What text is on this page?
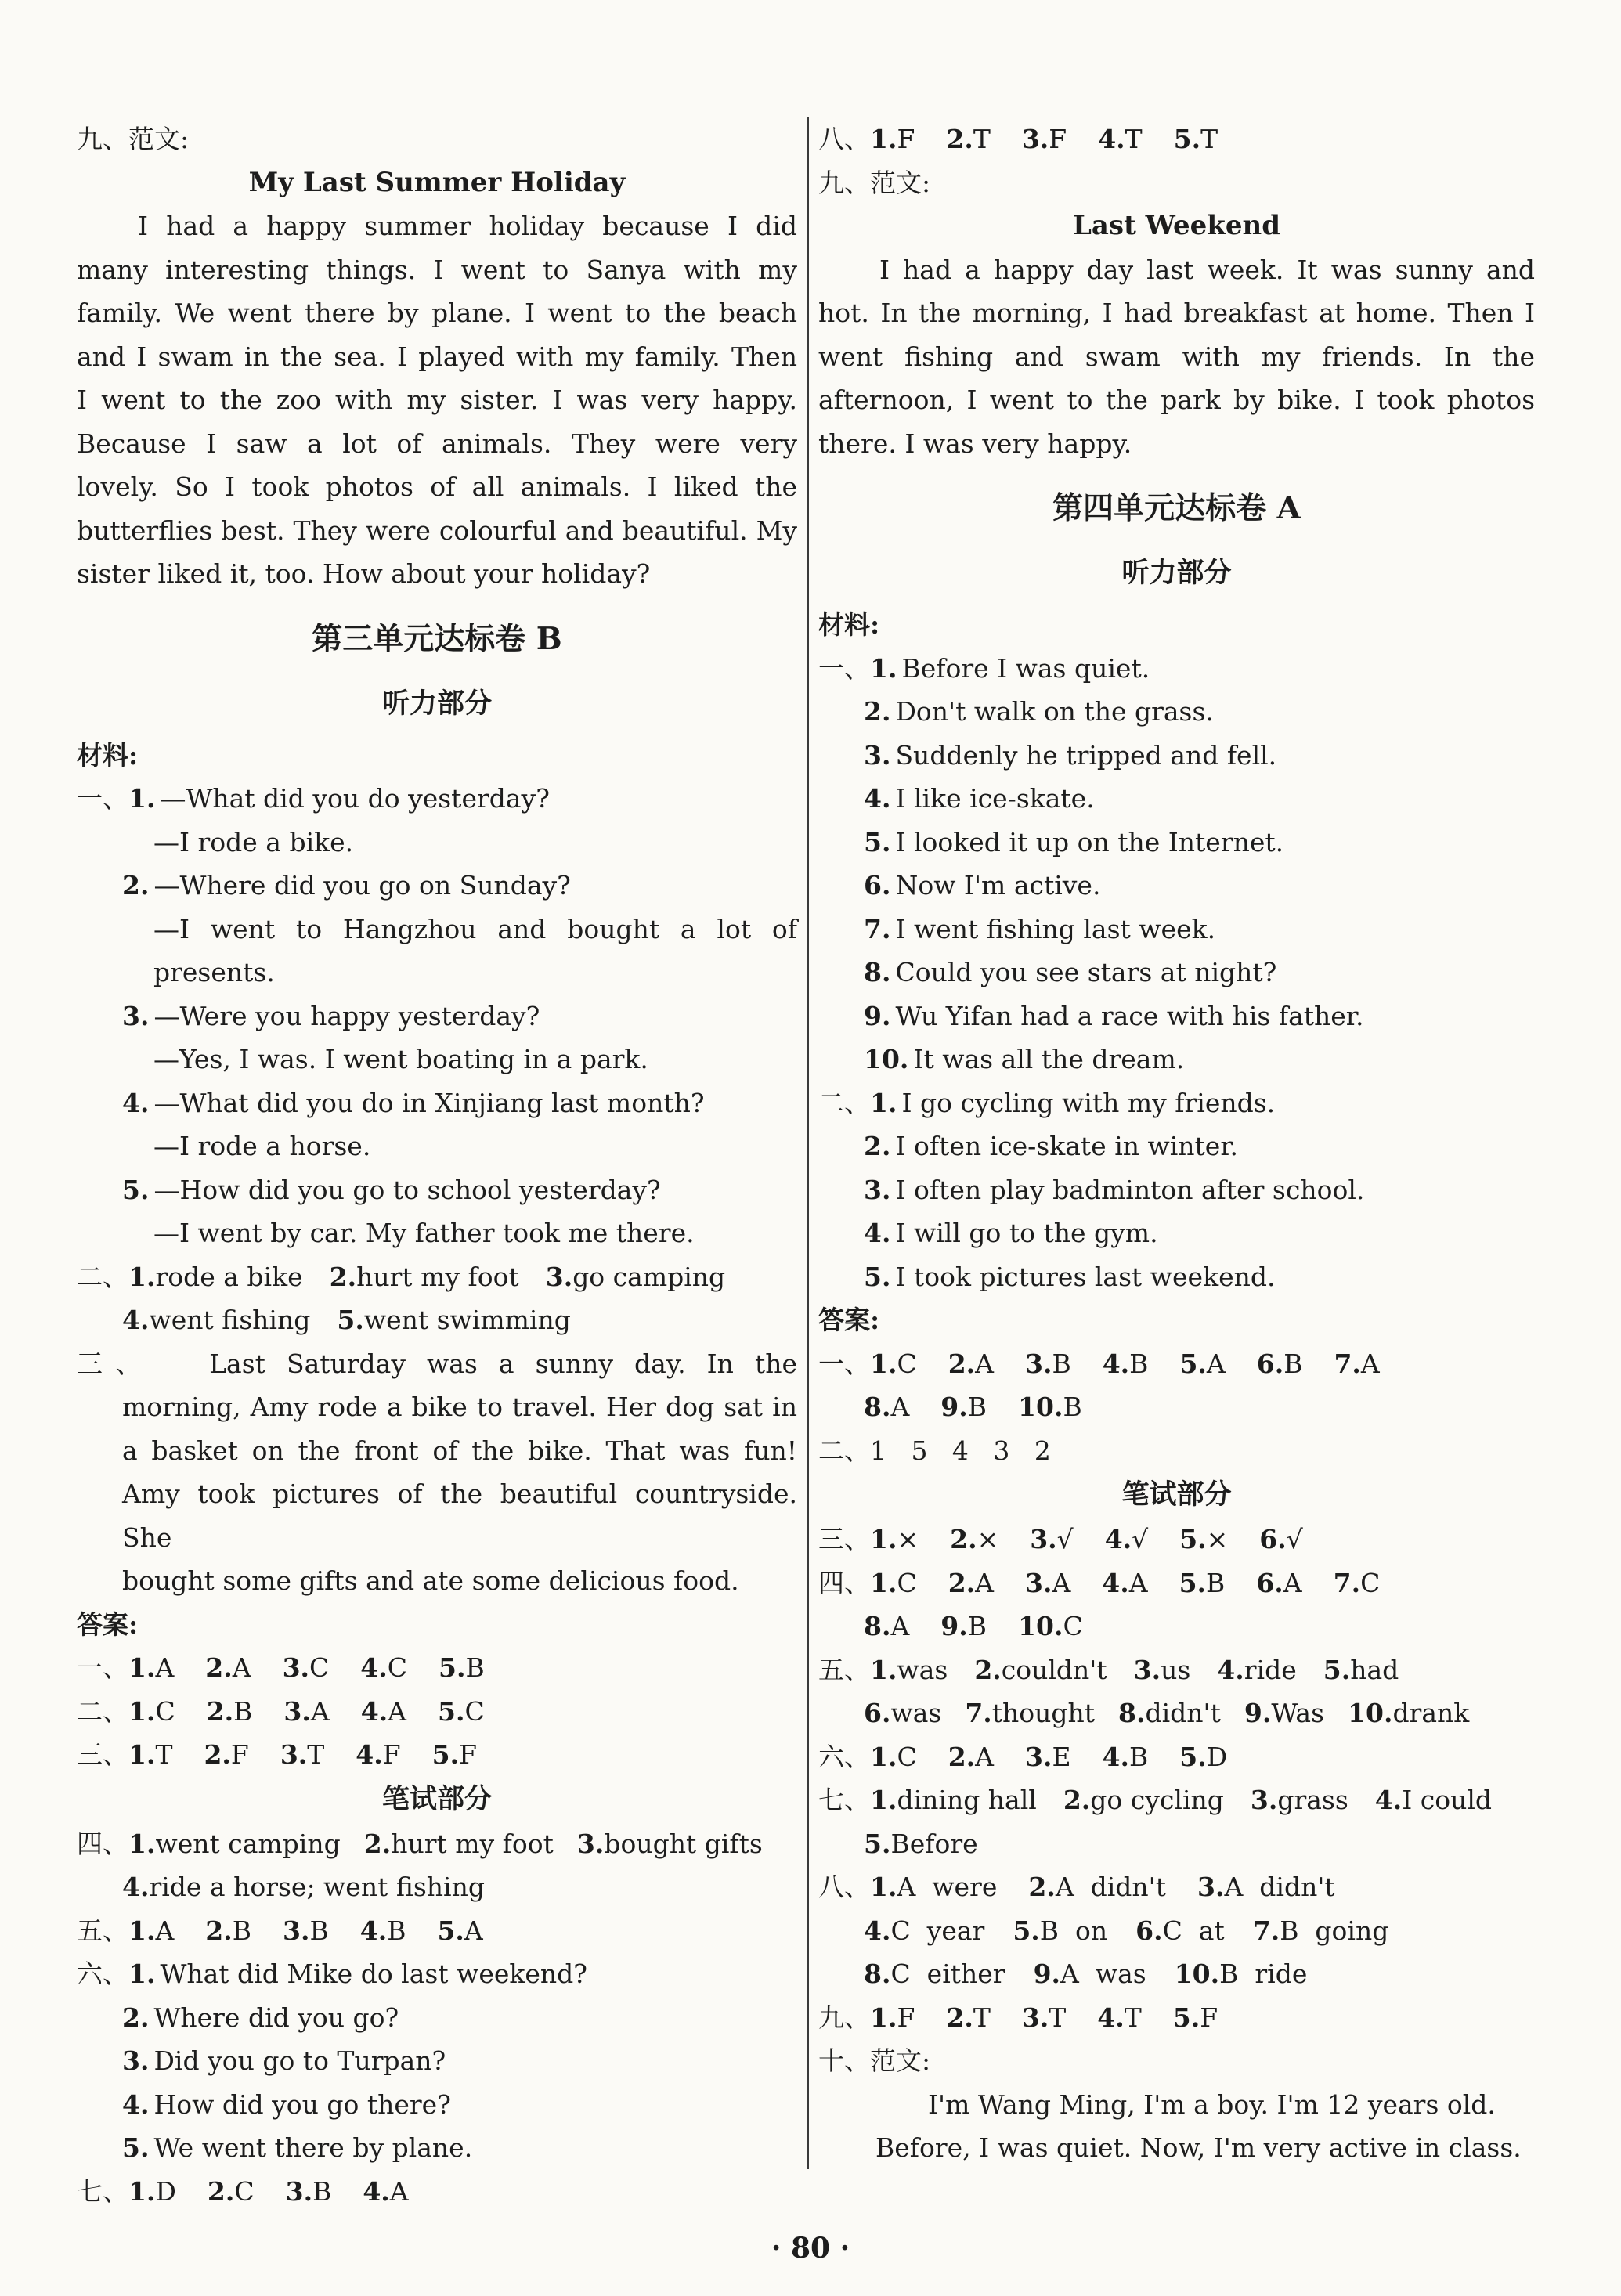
九、范文:
My Last Summer Holiday
I had a happy summer holiday because I did
many interesting things. I went to Sanya with my
family. We went there by plane. I went to the beach
and I swam in the sea. I played with my family. Then
I went to the zoo with my sister. I was very happy.
Because I saw a lot of animals. They were very
lovely. So I took photos of all animals. I liked the
butterflies best. They were colourful and beautiful. My
sister liked it, too. How about your holiday?
第三单元达标卷 B
听力部分
材料:
一、1. —What did you do yesterday?
—I rode a bike.
2. —Where did you go on Sunday?
—I went to Hangzhou and bought a lot of
presents.
3. —Were you happy yesterday?
—Yes, I was. I went boating in a park.
4. —What did you do in Xinjiang last month?
—I rode a horse.
5. —How did you go to school yesterday?
—I went by car. My father took me there.
二、1.rode a bike 2.hurt my foot 3.go camping
4.went fishing 5.went swimming
三、 Last Saturday was a sunny day. In the
morning, Amy rode a bike to travel. Her dog sat in
a basket on the front of the bike. That was fun!
Amy took pictures of the beautiful countryside. She
bought some gifts and ate some delicious food.
答案:
一、1.A 2.A 3.C 4.C 5.B
二、1.C 2.B 3.A 4.A 5.C
三、1.T 2.F 3.T 4.F 5.F
笔试部分
四、1.went camping 2.hurt my foot 3.bought gifts
4.ride a horse; went fishing
五、1.A 2.B 3.B 4.B 5.A
六、1. What did Mike do last weekend?
2. Where did you go?
3. Did you go to Turpan?
4. How did you go there?
5. We went there by plane.
七、1.D 2.C 3.B 4.A
八、1.F 2.T 3.F 4.T 5.T
九、范文:
Last Weekend
I had a happy day last week. It was sunny and
hot. In the morning, I had breakfast at home. Then I
went fishing and swam with my friends. In the
afternoon, I went to the park by bike. I took photos
there. I was very happy.
第四单元达标卷 A
听力部分
材料:
一、1. Before I was quiet.
2. Don't walk on the grass.
3. Suddenly he tripped and fell.
4. I like ice-skate.
5. I looked it up on the Internet.
6. Now I'm active.
7. I went fishing last week.
8. Could you see stars at night?
9. Wu Yifan had a race with his father.
10. It was all the dream.
二、1. I go cycling with my friends.
2. I often ice-skate in winter.
3. I often play badminton after school.
4. I will go to the gym.
5. I took pictures last weekend.
答案:
一、1.C 2.A 3.B 4.B 5.A 6.B 7.A
8.A 9.B 10.B
二、1   5   4   3   2
笔试部分
三、1.× 2.× 3.√ 4.√ 5.× 6.√
四、1.C 2.A 3.A 4.A 5.B 6.A 7.C
8.A 9.B 10.C
五、1.was 2.couldn't 3.us 4.ride 5.had
6.was 7.thought 8.didn't 9.Was 10.drank
六、1.C 2.A 3.E 4.B 5.D
七、1.dining hall 2.go cycling 3.grass 4.I could
5.Before
八、1.A  were 2.A  didn't 3.A  didn't
4.C  year 5.B  on 6.C  at 7.B  going
8.C  either 9.A  was 10.B  ride
九、1.F 2.T 3.T 4.T 5.F
十、范文:
I'm Wang Ming, I'm a boy. I'm 12 years old.
Before, I was quiet. Now, I'm very active in class.
· 80 ·
